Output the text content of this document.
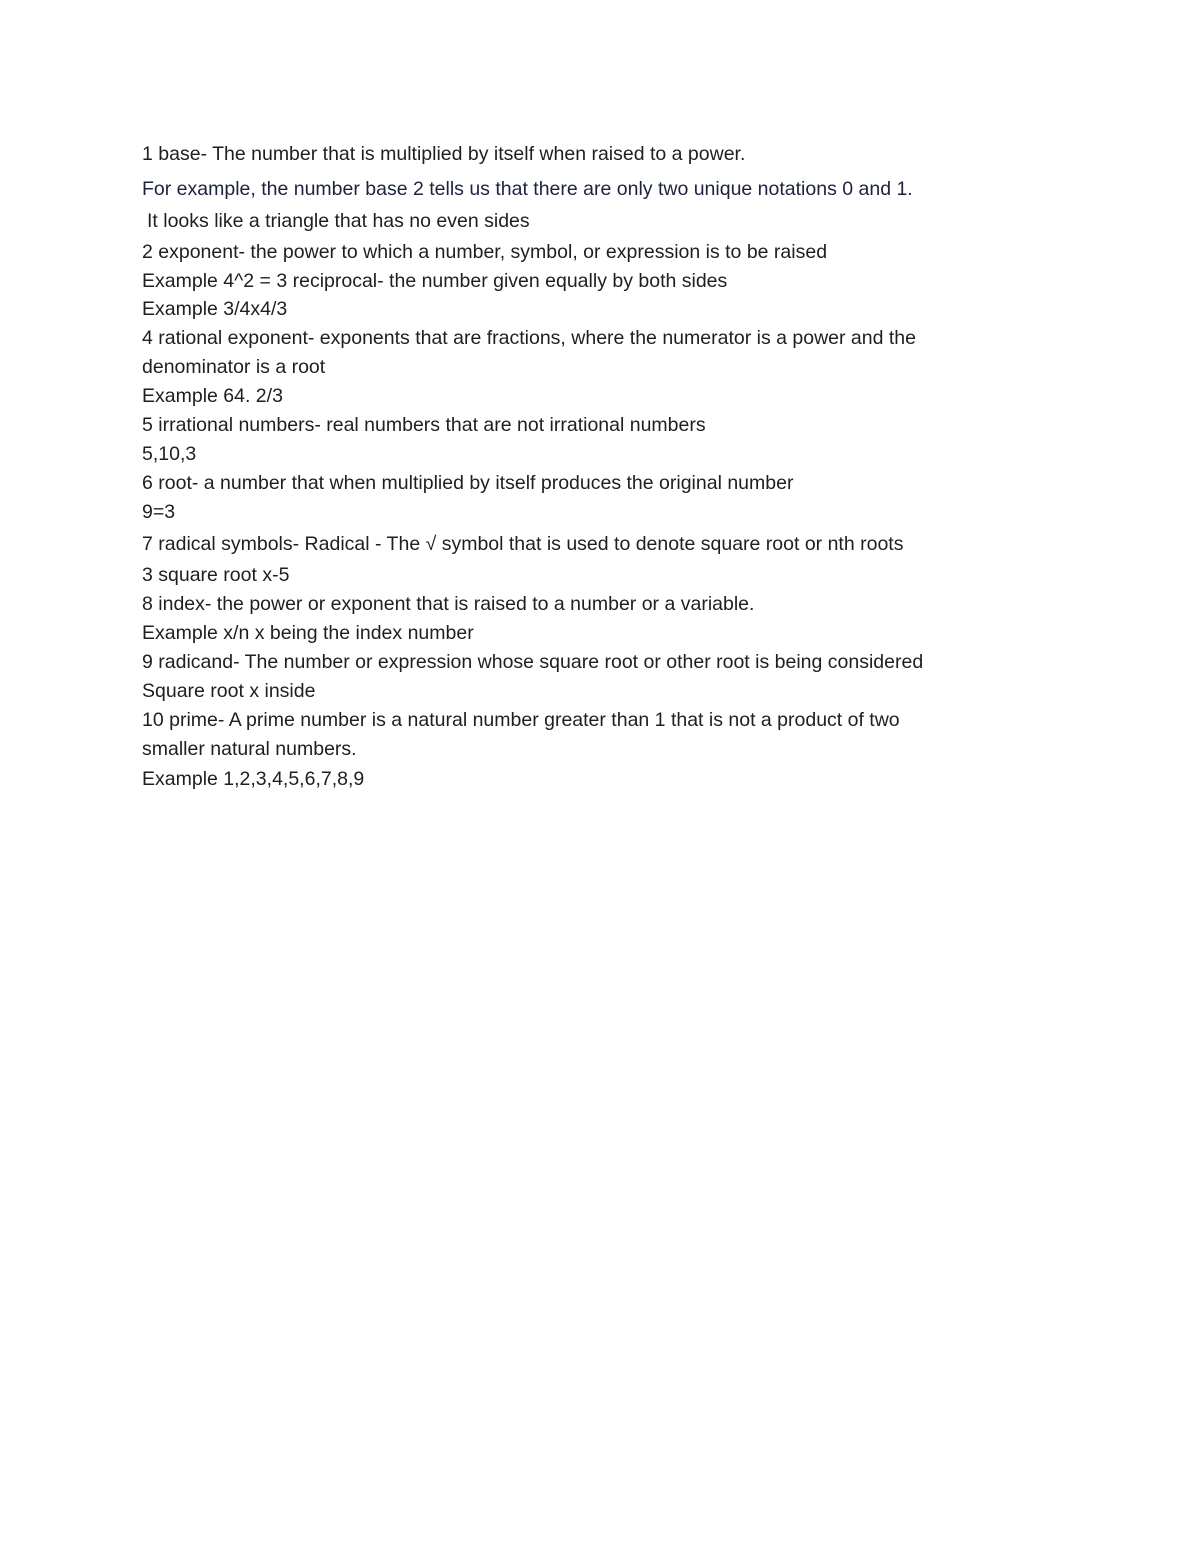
1 base- The number that is multiplied by itself when raised to a power.
For example, the number base 2 tells us that there are only two unique notations 0 and 1.
It looks like a triangle that has no even sides
2 exponent- the power to which a number, symbol, or expression is to be raised
Example 4^2 = 3 reciprocal- the number given equally by both sides
Example 3/4x4/3
4 rational exponent- exponents that are fractions, where the numerator is a power and the
denominator is a root
Example 64. 2/3
5 irrational numbers- real numbers that are not irrational numbers
5,10,3
6 root- a number that when multiplied by itself produces the original number
9=3
7 radical symbols- Radical - The √ symbol that is used to denote square root or nth roots
3 square root x-5
8 index- the power or exponent that is raised to a number or a variable.
Example x/n x being the index number
9 radicand- The number or expression whose square root or other root is being considered
Square root x inside
10 prime- A prime number is a natural number greater than 1 that is not a product of two
smaller natural numbers.
Example 1,2,3,4,5,6,7,8,9
